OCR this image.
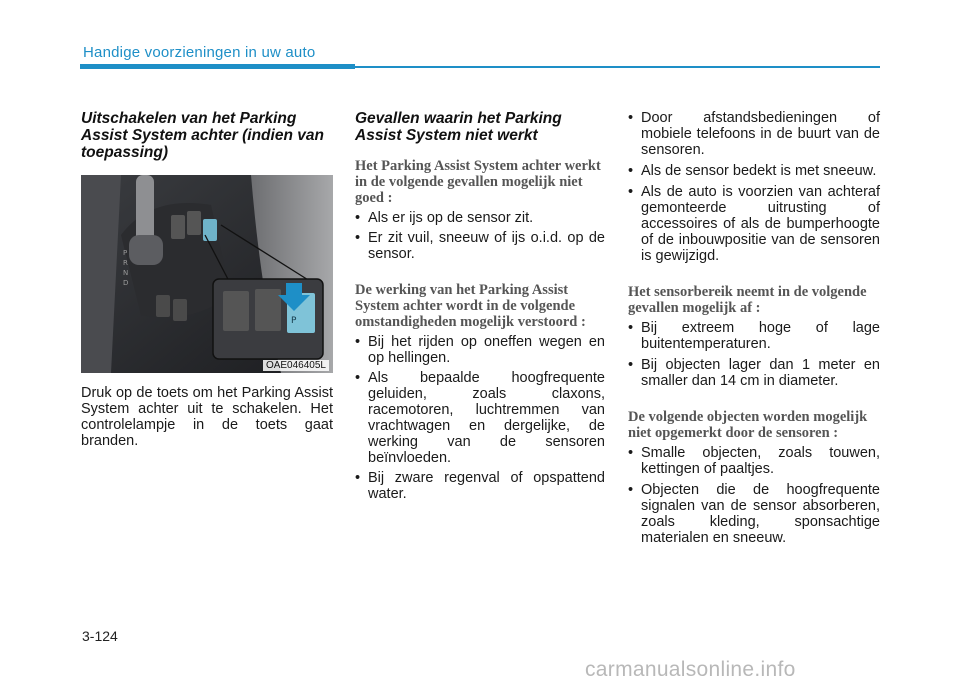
Handige voorzieningen in uw auto
Uitschakelen van het Parking Assist System achter (indien van toepassing)
P
R
N
D
P
OAE046405L

Druk op de toets om het Parking Assist System achter uit te schakelen. Het controlelampje in de toets gaat branden.

Gevallen waarin het Parking Assist System niet werkt
Het Parking Assist System achter werkt in de volgende gevallen mogelijk niet goed :
• Als er ijs op de sensor zit.
• Er zit vuil, sneeuw of ijs o.i.d. op de sensor.
De werking van het Parking Assist System achter wordt in de volgende omstandigheden mogelijk verstoord :
• Bij het rijden op oneffen wegen en op hellingen.
• Als bepaalde hoogfrequente geluiden, zoals claxons, racemotoren, luchtremmen van vrachtwagen en dergelijke, de werking van de sensoren beïnvloeden.
• Bij zware regenval of opspattend water.
• Door afstandsbedieningen of mobiele telefoons in de buurt van de sensoren.
• Als de sensor bedekt is met sneeuw.
• Als de auto is voorzien van achteraf gemonteerde uitrusting of accessoires of als de bumperhoogte of de inbouwpositie van de sensoren is gewijzigd.
Het sensorbereik neemt in de volgende gevallen mogelijk af :
• Bij extreem hoge of lage buitentemperaturen.
• Bij objecten lager dan 1 meter en smaller dan 14 cm in diameter.
De volgende objecten worden mogelijk niet opgemerkt door de sensoren :
• Smalle objecten, zoals touwen, kettingen of paaltjes.
• Objecten die de hoogfrequente signalen van de sensor absorberen, zoals kleding, sponsachtige materialen en sneeuw.
3-124
carmanualsonline.info
